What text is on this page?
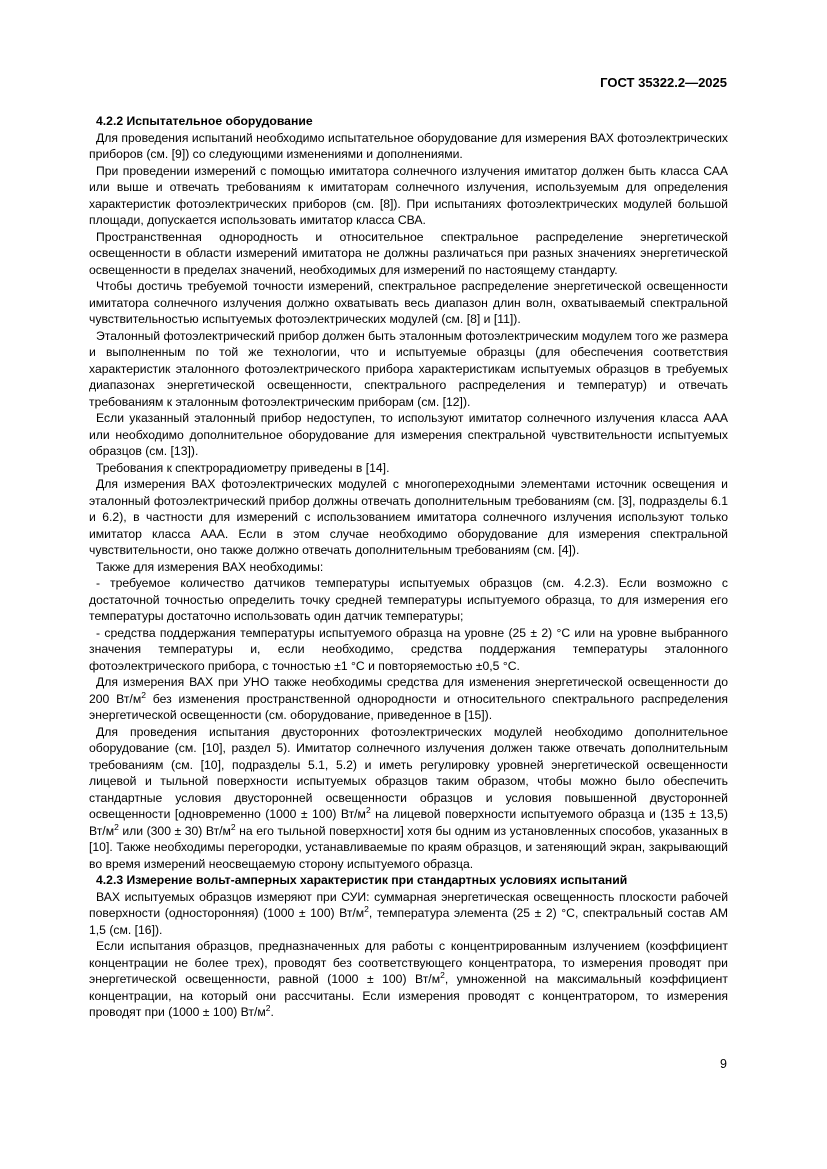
ГОСТ 35322.2—2025

4.2.2 Испытательное оборудование

Для проведения испытаний необходимо испытательное оборудование для измерения ВАХ фотоэлектрических приборов (см. [9]) со следующими изменениями и дополнениями.

При проведении измерений с помощью имитатора солнечного излучения имитатор должен быть класса САА или выше и отвечать требованиям к имитаторам солнечного излучения, используемым для определения характеристик фотоэлектрических приборов (см. [8]). При испытаниях фотоэлектрических модулей большой площади, допускается использовать имитатор класса СВА.

Пространственная однородность и относительное спектральное распределение энергетической освещенности в области измерений имитатора не должны различаться при разных значениях энергетической освещенности в пределах значений, необходимых для измерений по настоящему стандарту.

Чтобы достичь требуемой точности измерений, спектральное распределение энергетической освещенности имитатора солнечного излучения должно охватывать весь диапазон длин волн, охватываемый спектральной чувствительностью испытуемых фотоэлектрических модулей (см. [8] и [11]).

Эталонный фотоэлектрический прибор должен быть эталонным фотоэлектрическим модулем того же размера и выполненным по той же технологии, что и испытуемые образцы (для обеспечения соответствия характеристик эталонного фотоэлектрического прибора характеристикам испытуемых образцов в требуемых диапазонах энергетической освещенности, спектрального распределения и температур) и отвечать требованиям к эталонным фотоэлектрическим приборам (см. [12]).

Если указанный эталонный прибор недоступен, то используют имитатор солнечного излучения класса ААА или необходимо дополнительное оборудование для измерения спектральной чувствительности испытуемых образцов (см. [13]).

Требования к спектрорадиометру приведены в [14].

Для измерения ВАХ фотоэлектрических модулей с многопереходными элементами источник освещения и эталонный фотоэлектрический прибор должны отвечать дополнительным требованиям (см. [3], подразделы 6.1 и 6.2), в частности для измерений с использованием имитатора солнечного излучения используют только имитатор класса ААА. Если в этом случае необходимо оборудование для измерения спектральной чувствительности, оно также должно отвечать дополнительным требованиям (см. [4]).

Также для измерения ВАХ необходимы:

- требуемое количество датчиков температуры испытуемых образцов (см. 4.2.3). Если возможно с достаточной точностью определить точку средней температуры испытуемого образца, то для измерения его температуры достаточно использовать один датчик температуры;

- средства поддержания температуры испытуемого образца на уровне (25 ± 2) °С или на уровне выбранного значения температуры и, если необходимо, средства поддержания температуры эталонного фотоэлектрического прибора, с точностью ±1 °С и повторяемостью ±0,5 °С.

Для измерения ВАХ при УНО также необходимы средства для изменения энергетической освещенности до 200 $Вт/м^2$ без изменения пространственной однородности и относительного спектрального распределения энергетической освещенности (см. оборудование, приведенное в [15]).

Для проведения испытания двусторонних фотоэлектрических модулей необходимо дополнительное оборудование (см. [10], раздел 5). Имитатор солнечного излучения должен также отвечать дополнительным требованиям (см. [10], подразделы 5.1, 5.2) и иметь регулировку уровней энергетической освещенности лицевой и тыльной поверхности испытуемых образцов таким образом, чтобы можно было обеспечить стандартные условия двусторонней освещенности образцов и условия повышенной двусторонней освещенности [одновременно (1000 ± 100) $Вт/м^2$ на лицевой поверхности испытуемого образца и (135 ± 13,5) $Вт/м^2$ или (300 ± 30) $Вт/м^2$ на его тыльной поверхности] хотя бы одним из установленных способов, указанных в [10]. Также необходимы перегородки, устанавливаемые по краям образцов, и затеняющий экран, закрывающий во время измерений неосвещаемую сторону испытуемого образца.

4.2.3 Измерение вольт-амперных характеристик при стандартных условиях испытаний

ВАХ испытуемых образцов измеряют при СУИ: суммарная энергетическая освещенность плоскости рабочей поверхности (односторонняя) (1000 ± 100) $Вт/м^2$, температура элемента (25 ± 2) °С, спектральный состав АМ 1,5 (см. [16]).

Если испытания образцов, предназначенных для работы с концентрированным излучением (коэффициент концентрации не более трех), проводят без соответствующего концентратора, то измерения проводят при энергетической освещенности, равной (1000 ± 100) $Вт/м^2$, умноженной на максимальный коэффициент концентрации, на который они рассчитаны. Если измерения проводят с концентратором, то измерения проводят при (1000 ± 100) $Вт/м^2$.

9
